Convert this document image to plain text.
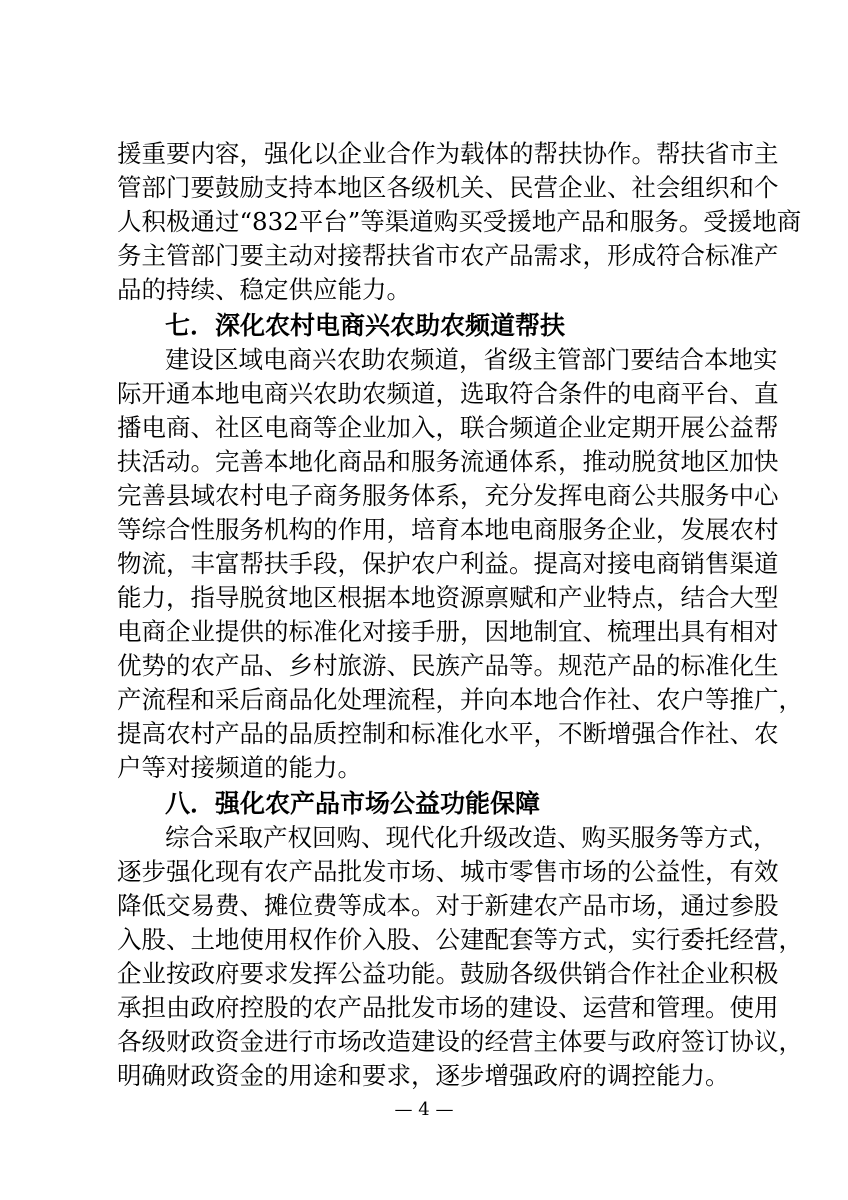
援重要内容，强化以企业合作为载体的帮扶协作。帮扶省市主
管部门要鼓励支持本地区各级机关、民营企业、社会组织和个
人积极通过“832平台”等渠道购买受援地产品和服务。受援地商
务主管部门要主动对接帮扶省市农产品需求，形成符合标准产
品的持续、稳定供应能力。
七．深化农村电商兴农助农频道帮扶
建设区域电商兴农助农频道，省级主管部门要结合本地实
际开通本地电商兴农助农频道，选取符合条件的电商平台、直
播电商、社区电商等企业加入，联合频道企业定期开展公益帮
扶活动。完善本地化商品和服务流通体系，推动脱贫地区加快
完善县域农村电子商务服务体系，充分发挥电商公共服务中心
等综合性服务机构的作用，培育本地电商服务企业，发展农村
物流，丰富帮扶手段，保护农户利益。提高对接电商销售渠道
能力，指导脱贫地区根据本地资源禀赋和产业特点，结合大型
电商企业提供的标准化对接手册，因地制宜、梳理出具有相对
优势的农产品、乡村旅游、民族产品等。规范产品的标准化生
产流程和采后商品化处理流程，并向本地合作社、农户等推广，
提高农村产品的品质控制和标准化水平，不断增强合作社、农
户等对接频道的能力。
八．强化农产品市场公益功能保障
综合采取产权回购、现代化升级改造、购买服务等方式，
逐步强化现有农产品批发市场、城市零售市场的公益性，有效
降低交易费、摊位费等成本。对于新建农产品市场，通过参股
入股、土地使用权作价入股、公建配套等方式，实行委托经营，
企业按政府要求发挥公益功能。鼓励各级供销合作社企业积极
承担由政府控股的农产品批发市场的建设、运营和管理。使用
各级财政资金进行市场改造建设的经营主体要与政府签订协议，
明确财政资金的用途和要求，逐步增强政府的调控能力。
— 4 —
